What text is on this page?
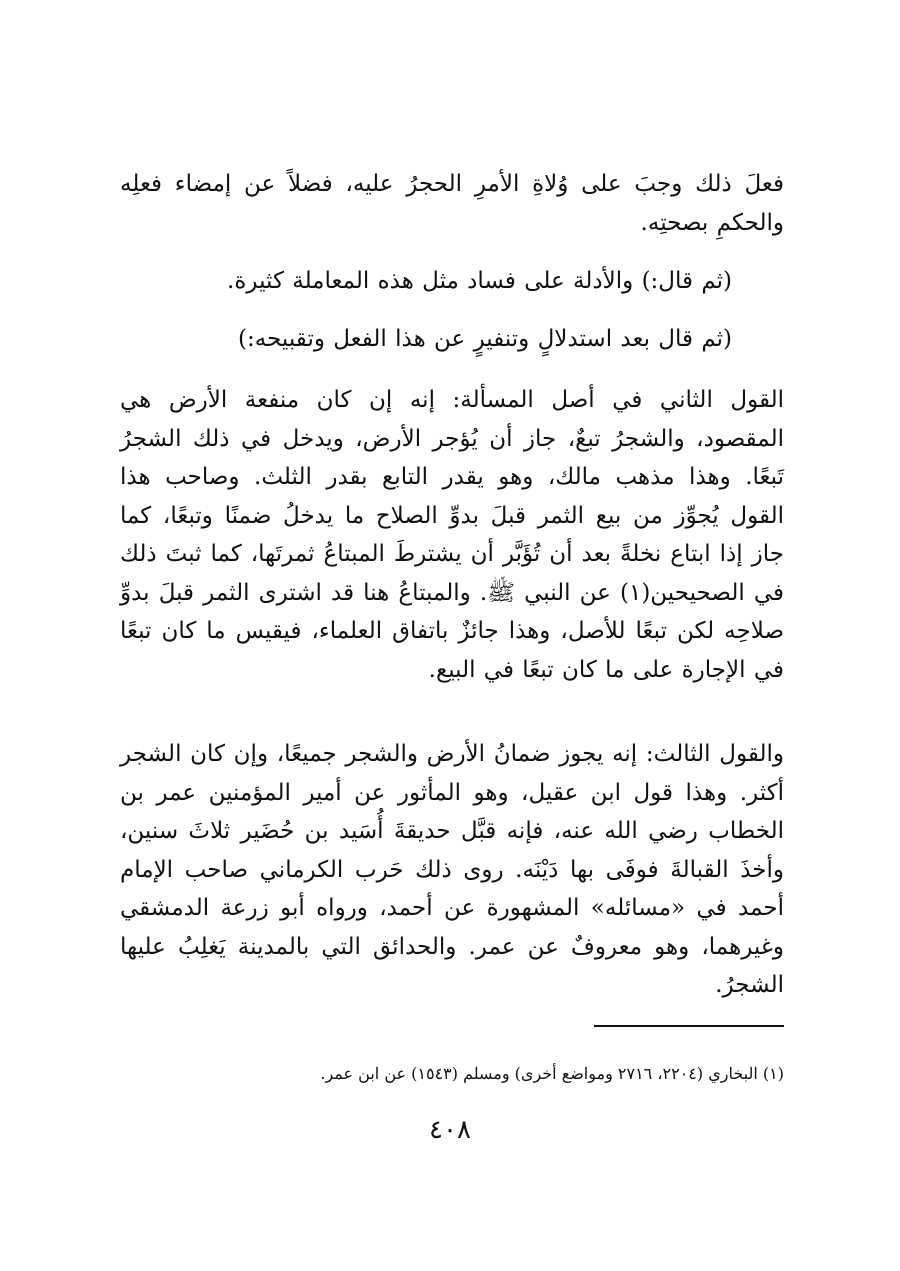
فعلَ ذلك وجبَ على وُلاةِ الأمرِ الحجرُ عليه، فضلاً عن إمضاء فعلِه والحكمِ بصحتِه.

(ثم قال:) والأدلة على فساد مثل هذه المعاملة كثيرة.

(ثم قال بعد استدلالٍ وتنفيرٍ عن هذا الفعل وتقبيحه:)

القول الثاني في أصل المسألة: إنه إن كان منفعة الأرض هي المقصود، والشجرُ تبعٌ، جاز أن يُؤجر الأرض، ويدخل في ذلك الشجرُ تَبعًا. وهذا مذهب مالك، وهو يقدر التابع بقدر الثلث. وصاحب هذا القول يُجوِّز من بيع الثمر قبلَ بدوِّ الصلاح ما يدخلُ ضمنًا وتبعًا، كما جاز إذا ابتاع نخلةً بعد أن تُؤَبَّر أن يشترطَ المبتاعُ ثمرتَها، كما ثبتَ ذلك في الصحيحين(١) عن النبي ﷺ. والمبتاعُ هنا قد اشترى الثمر قبلَ بدوِّ صلاحِه لكن تبعًا للأصل، وهذا جائزٌ باتفاق العلماء، فيقيس ما كان تبعًا في الإجارة على ما كان تبعًا في البيع.

والقول الثالث: إنه يجوز ضمانُ الأرض والشجر جميعًا، وإن كان الشجر أكثر. وهذا قول ابن عقيل، وهو المأثور عن أمير المؤمنين عمر بن الخطاب رضي الله عنه، فإنه قبَّل حديقةَ أُسَيد بن حُضَير ثلاثَ سنين، وأخذَ القبالةَ فوفَى بها دَيْنَه. روى ذلك حَرب الكرماني صاحب الإمام أحمد في «مسائله» المشهورة عن أحمد، ورواه أبو زرعة الدمشقي وغيرهما، وهو معروفٌ عن عمر. والحدائق التي بالمدينة يَغلِبُ عليها الشجرُ.

(١) البخاري (٢٢٠٤، ٢٧١٦ ومواضع أخرى) ومسلم (١٥٤٣) عن ابن عمر.

٤٠٨
